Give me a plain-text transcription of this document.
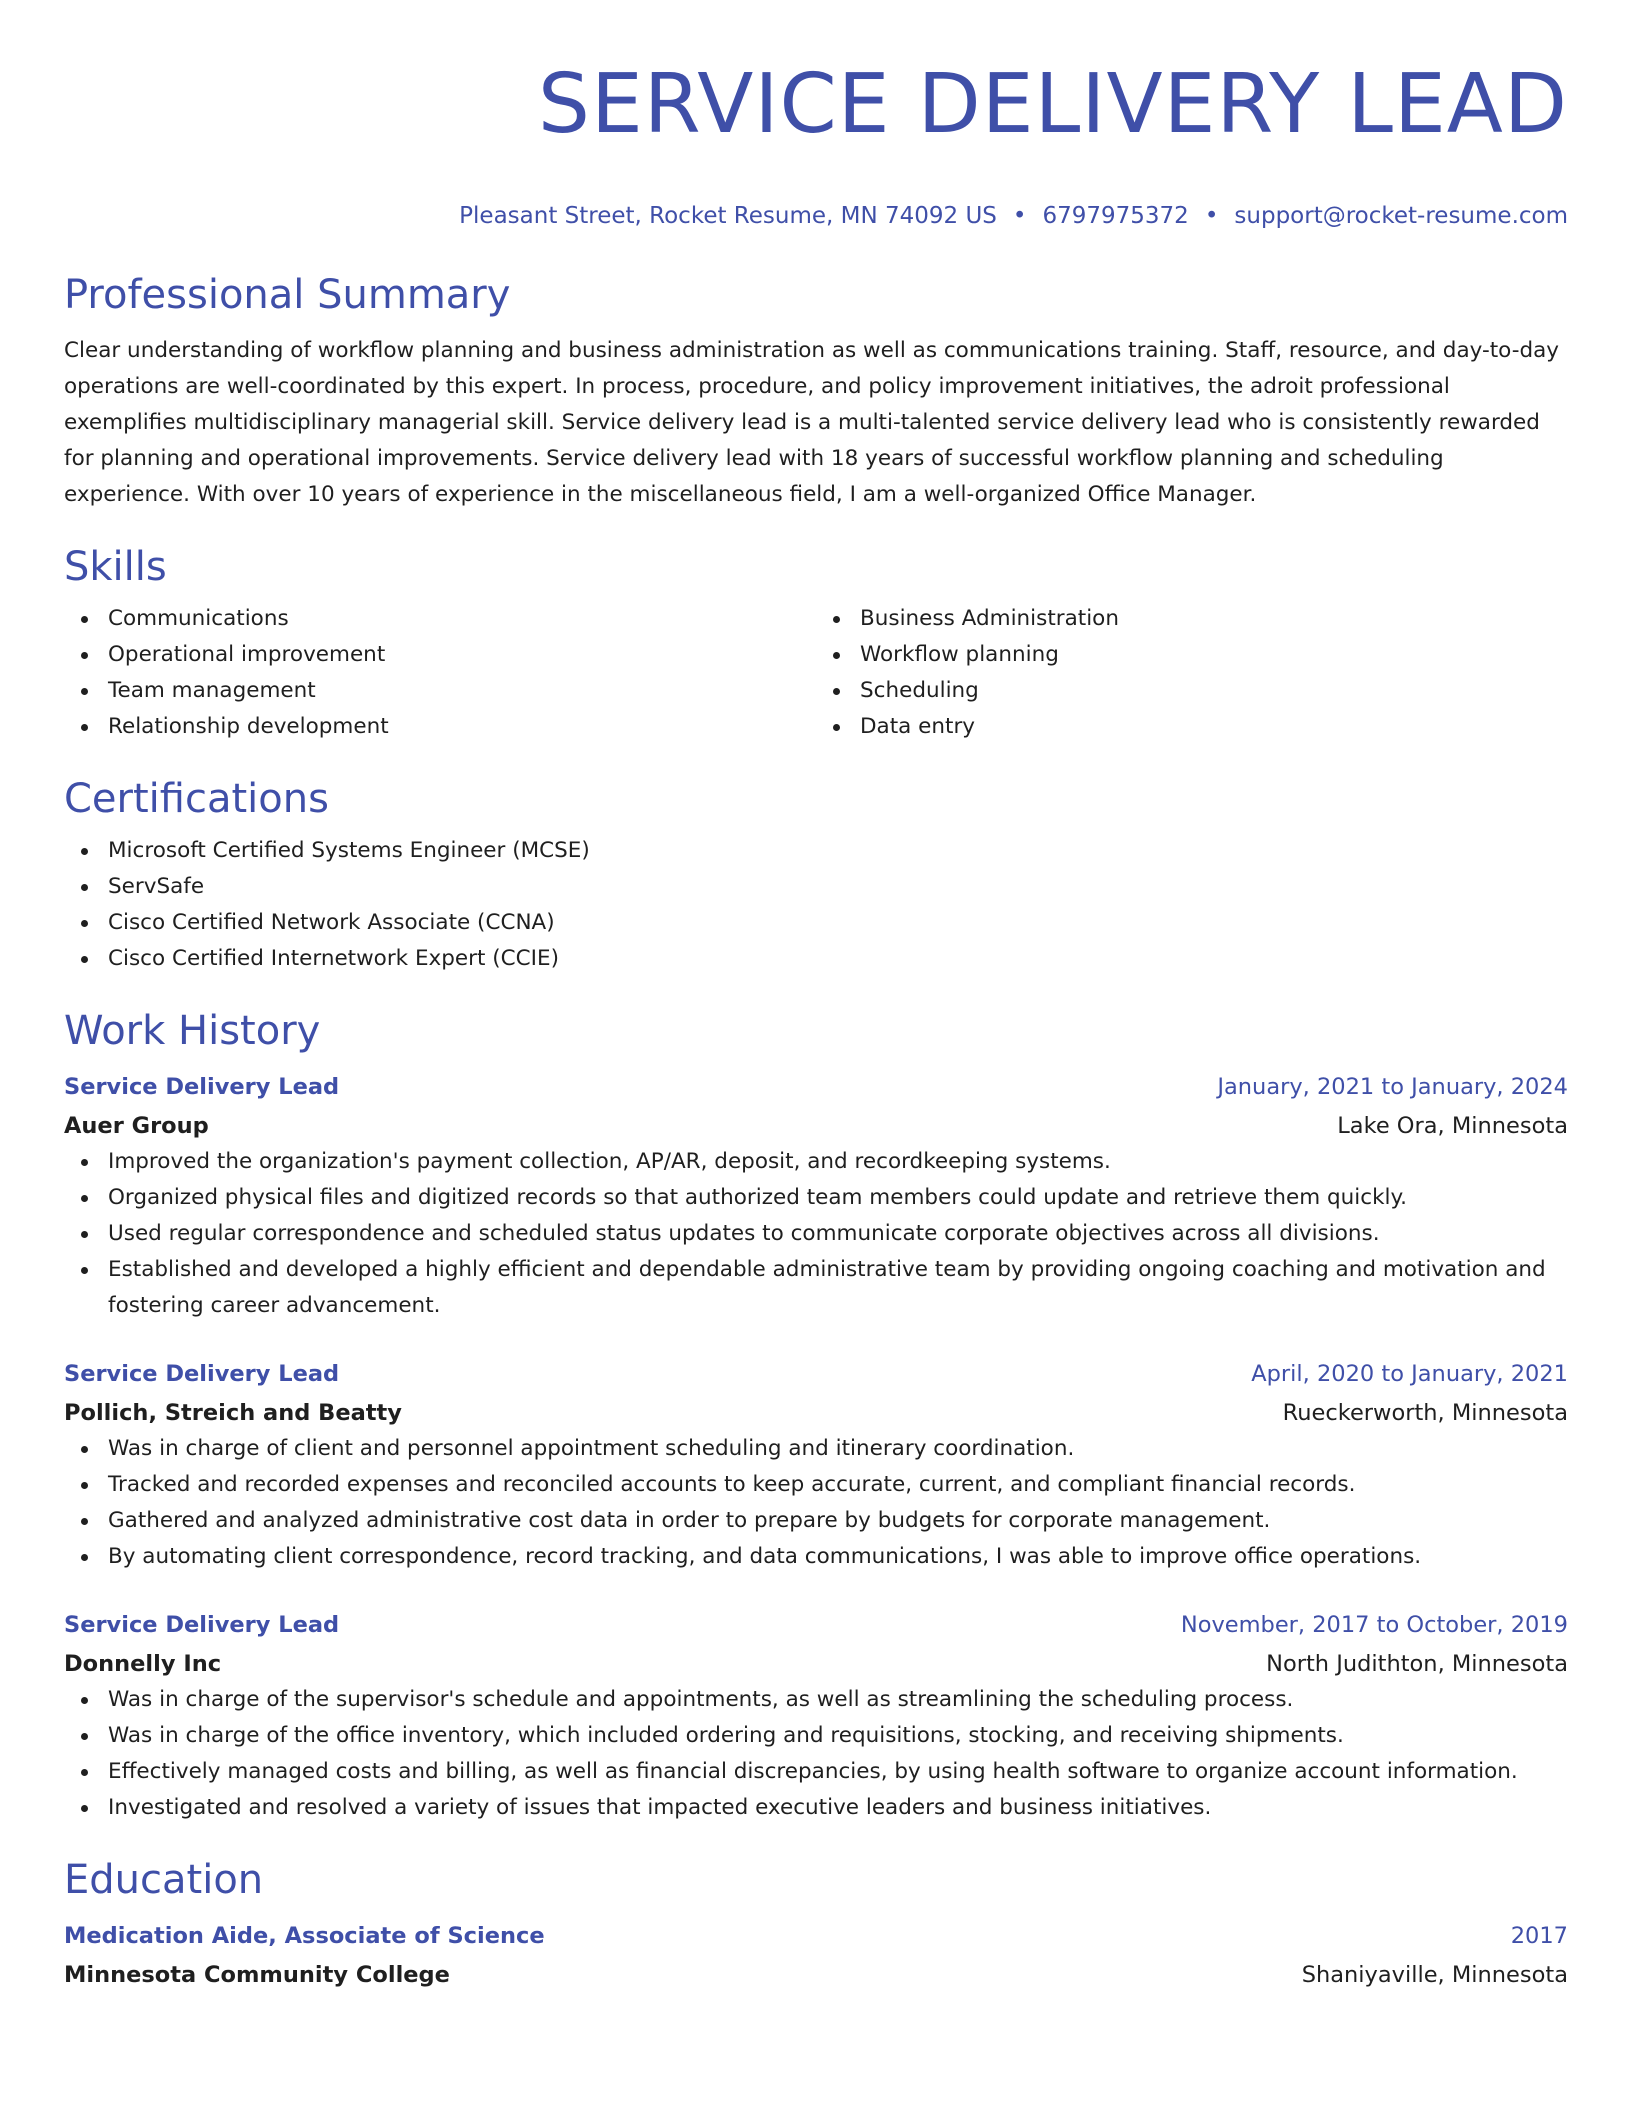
SERVICE DELIVERY LEAD
Pleasant Street, Rocket Resume, MN 74092 US • 6797975372 • support@rocket-resume.com
Professional Summary

Clear understanding of workflow planning and business administration as well as communications training. Staff, resource, and day-to-day operations are well-coordinated by this expert. In process, procedure, and policy improvement initiatives, the adroit professional exemplifies multidisciplinary managerial skill. Service delivery lead is a multi-talented service delivery lead who is consistently rewarded for planning and operational improvements. Service delivery lead with 18 years of successful workflow planning and scheduling experience. With over 10 years of experience in the miscellaneous field, I am a well-organized Office Manager.

Skills
Communications
Operational improvement
Team management
Relationship development
Business Administration
Workflow planning
Scheduling
Data entry
Certifications
Microsoft Certified Systems Engineer (MCSE)
ServSafe
Cisco Certified Network Associate (CCNA)
Cisco Certified Internetwork Expert (CCIE)
Work History
Service Delivery Lead	January, 2021 to January, 2024
Auer Group	Lake Ora, Minnesota
Improved the organization's payment collection, AP/AR, deposit, and recordkeeping systems.
Organized physical files and digitized records so that authorized team members could update and retrieve them quickly.
Used regular correspondence and scheduled status updates to communicate corporate objectives across all divisions.
Established and developed a highly efficient and dependable administrative team by providing ongoing coaching and motivation and fostering career advancement.
Service Delivery Lead	April, 2020 to January, 2021
Pollich, Streich and Beatty	Rueckerworth, Minnesota
Was in charge of client and personnel appointment scheduling and itinerary coordination.
Tracked and recorded expenses and reconciled accounts to keep accurate, current, and compliant financial records.
Gathered and analyzed administrative cost data in order to prepare by budgets for corporate management.
By automating client correspondence, record tracking, and data communications, I was able to improve office operations.
Service Delivery Lead	November, 2017 to October, 2019
Donnelly Inc	North Judithton, Minnesota
Was in charge of the supervisor's schedule and appointments, as well as streamlining the scheduling process.
Was in charge of the office inventory, which included ordering and requisitions, stocking, and receiving shipments.
Effectively managed costs and billing, as well as financial discrepancies, by using health software to organize account information.
Investigated and resolved a variety of issues that impacted executive leaders and business initiatives.
Education
Medication Aide, Associate of Science	2017
Minnesota Community College	Shaniyaville, Minnesota
